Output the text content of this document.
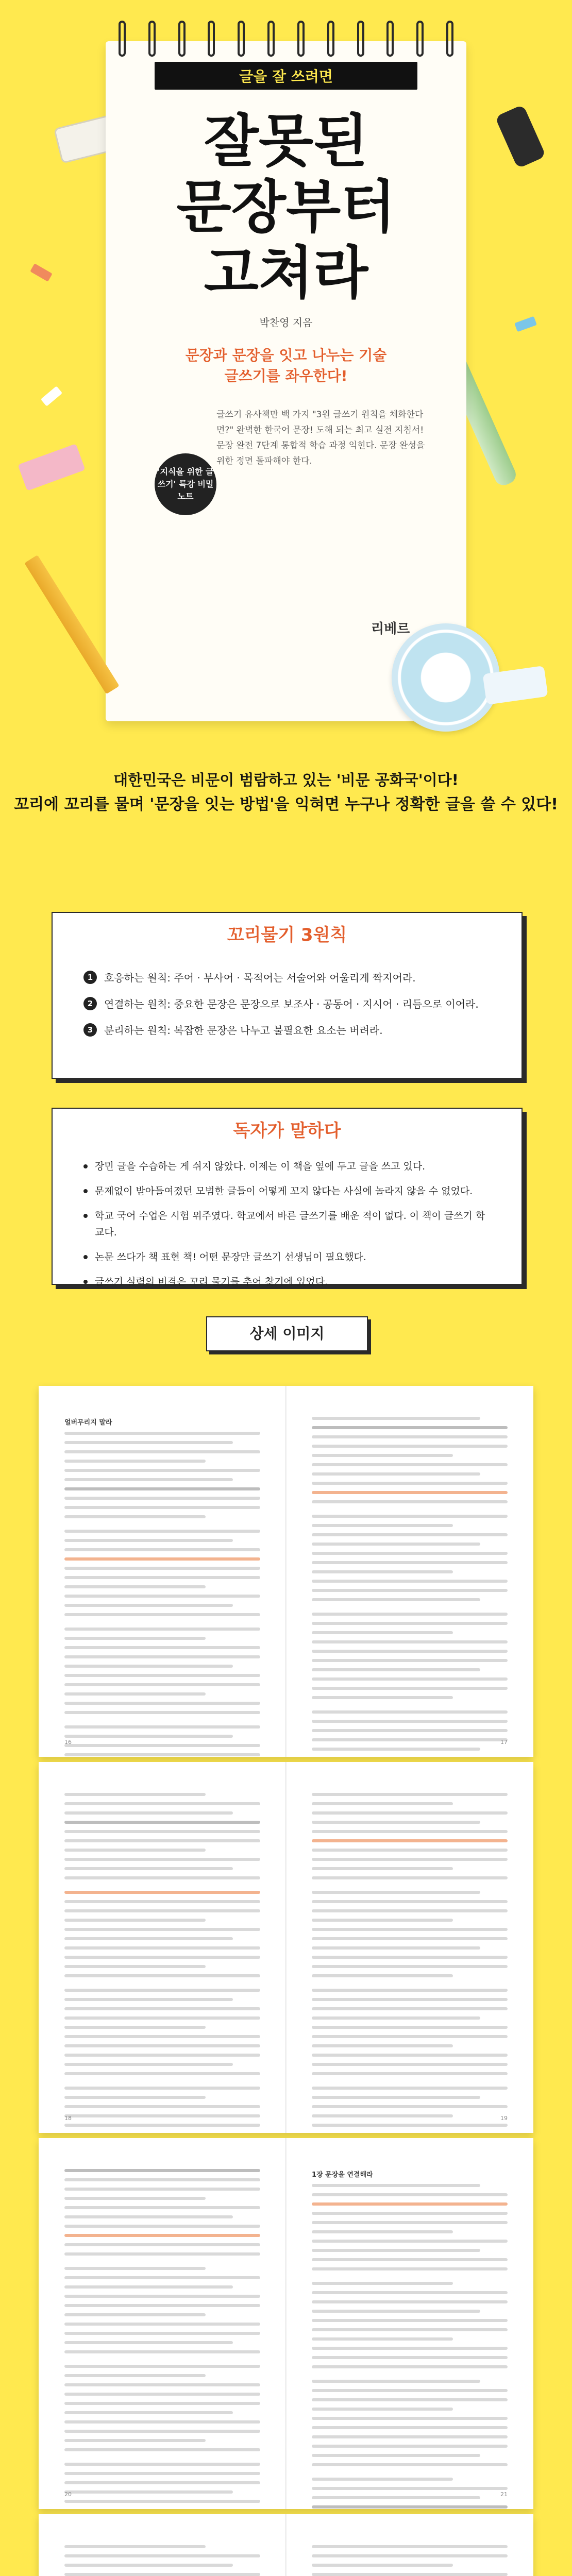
글을 잘 쓰려면
잘못된
문장부터
고쳐라
박찬영 지음
문장과 문장을 잇고 나누는 기술
글쓰기를 좌우한다!
글쓰기 유사책만 백 가지 "3원 글쓰기 원칙을 체화한다면?" 완벽한 한국어 문장! 도해 되는 최고 실전 지침서! 문장 완전 7단계 통합적 학습 과정 익힌다. 문장 완성을 위한 정면 돌파해야 한다.
'지식을 위한 글쓰기' 특강 비밀 노트
리베르
대한민국은 비문이 범람하고 있는 '비문 공화국'이다!
꼬리에 꼬리를 물며 '문장을 잇는 방법'을 익혀면 누구나 정확한 글을 쓸 수 있다!
꼬리물기 3원칙
1	호응하는 원칙: 주어 · 부사어 · 목적어는 서술어와 어울리게 짝지어라.
2	연결하는 원칙: 중요한 문장은 문장으로 보조사 · 공동어 · 지시어 · 리듬으로 이어라.
3	분리하는 원칙: 복잡한 문장은 나누고 불필요한 요소는 버려라.
독자가 말하다
장민 글을 수습하는 게 쉬지 않았다. 이제는 이 책을 옆에 두고 글을 쓰고 있다.
문제없이 받아들여졌던 모범한 글들이 어떻게 꼬지 않다는 사실에 놀라지 않을 수 없었다.
학교 국어 수업은 시험 위주였다. 학교에서 바른 글쓰기를 배운 적이 없다. 이 책이 글쓰기 학교다.
논문 쓰다가 책 표현 책! 어떤 문장만 글쓰기 선생님이 필요했다.
글쓰기 실력의 비결은 꼬리 물기를 추어 찾기에 있었다.
상세 이미지
얼버무리지 말라
16	17
18	19
20
1장 문장을 연결해라
21
